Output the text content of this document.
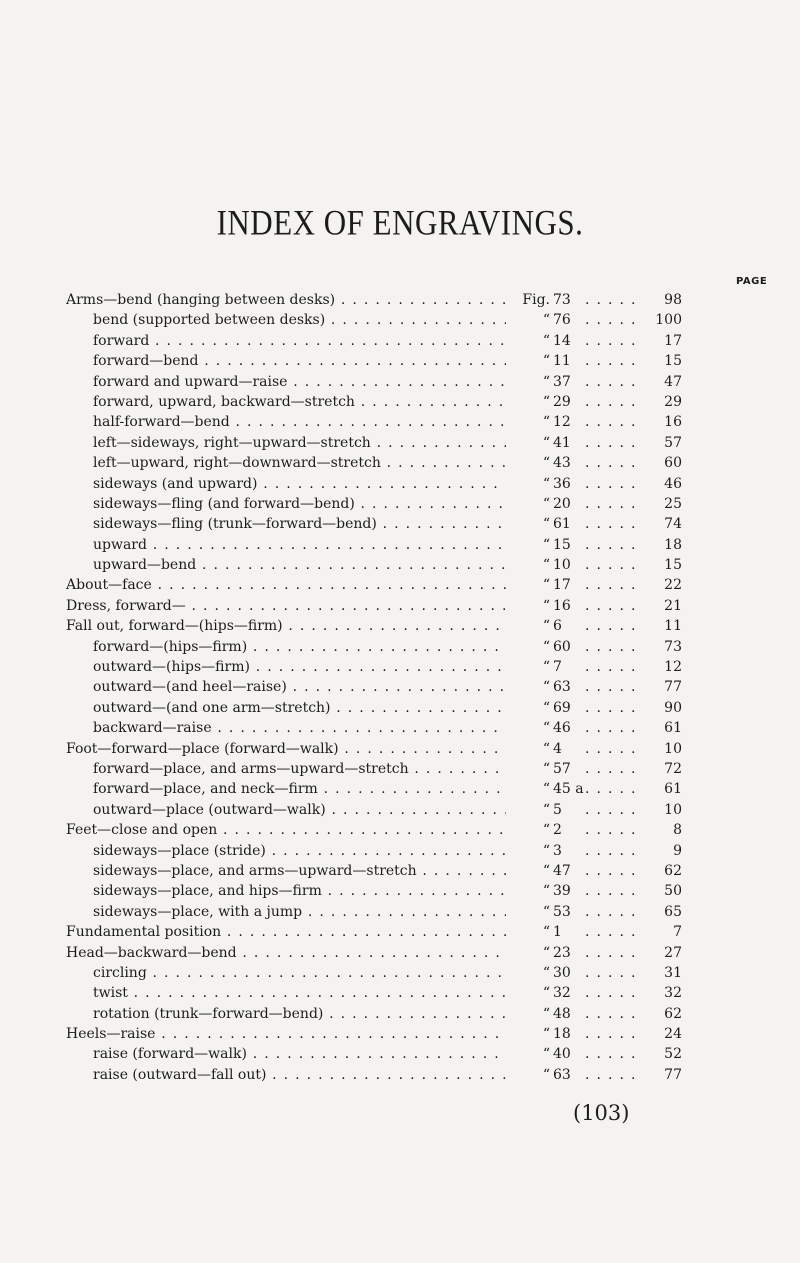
INDEX OF ENGRAVINGS.
PAGE
Arms—bend (hanging between desks) . . .	Fig. 73 . . .	98
bend (supported between desks) . . .	“ 76 . . .	100
forward . . .	“ 14 . . .	17
forward—bend . . .	“ 11 . . .	15
forward and upward—raise . . .	“ 37 . . .	47
forward, upward, backward—stretch . . .	“ 29 . . .	29
half-forward—bend . . .	“ 12 . . .	16
left—sideways, right—upward—stretch . . .	“ 41 . . .	57
left—upward, right—downward—stretch . . .	“ 43 . . .	60
sideways (and upward) . . .	“ 36 . . .	46
sideways—fling (and forward—bend) . . .	“ 20 . . .	25
sideways—fling (trunk—forward—bend) . . .	“ 61 . . .	74
upward . . .	“ 15 . . .	18
upward—bend . . .	“ 10 . . .	15
About—face . . .	“ 17 . . .	22
Dress, forward— . . .	“ 16 . . .	21
Fall out, forward—(hips—firm) . . .	“ 6 . . .	11
forward—(hips—firm) . . .	“ 60 . . .	73
outward—(hips—firm) . . .	“ 7 . . .	12
outward—(and heel—raise) . . .	“ 63 . . .	77
outward—(and one arm—stretch) . . .	“ 69 . . .	90
backward—raise . . .	“ 46 . . .	61
Foot—forward—place (forward—walk) . . .	“ 4 . . .	10
forward—place, and arms—upward—stretch . . .	“ 57 . . .	72
forward—place, and neck—firm . . .	“ 45 a . . .	61
outward—place (outward—walk) . . .	“ 5 . . .	10
Feet—close and open . . .	“ 2 . . .	8
sideways—place (stride) . . .	“ 3 . . .	9
sideways—place, and arms—upward—stretch . . .	“ 47 . . .	62
sideways—place, and hips—firm . . .	“ 39 . . .	50
sideways—place, with a jump . . .	“ 53 . . .	65
Fundamental position . . .	“ 1 . . .	7
Head—backward—bend . . .	“ 23 . . .	27
circling . . .	“ 30 . . .	31
twist . . .	“ 32 . . .	32
rotation (trunk—forward—bend) . . .	“ 48 . . .	62
Heels—raise . . .	“ 18 . . .	24
raise (forward—walk) . . .	“ 40 . . .	52
raise (outward—fall out) . . .	“ 63 . . .	77
(103)
